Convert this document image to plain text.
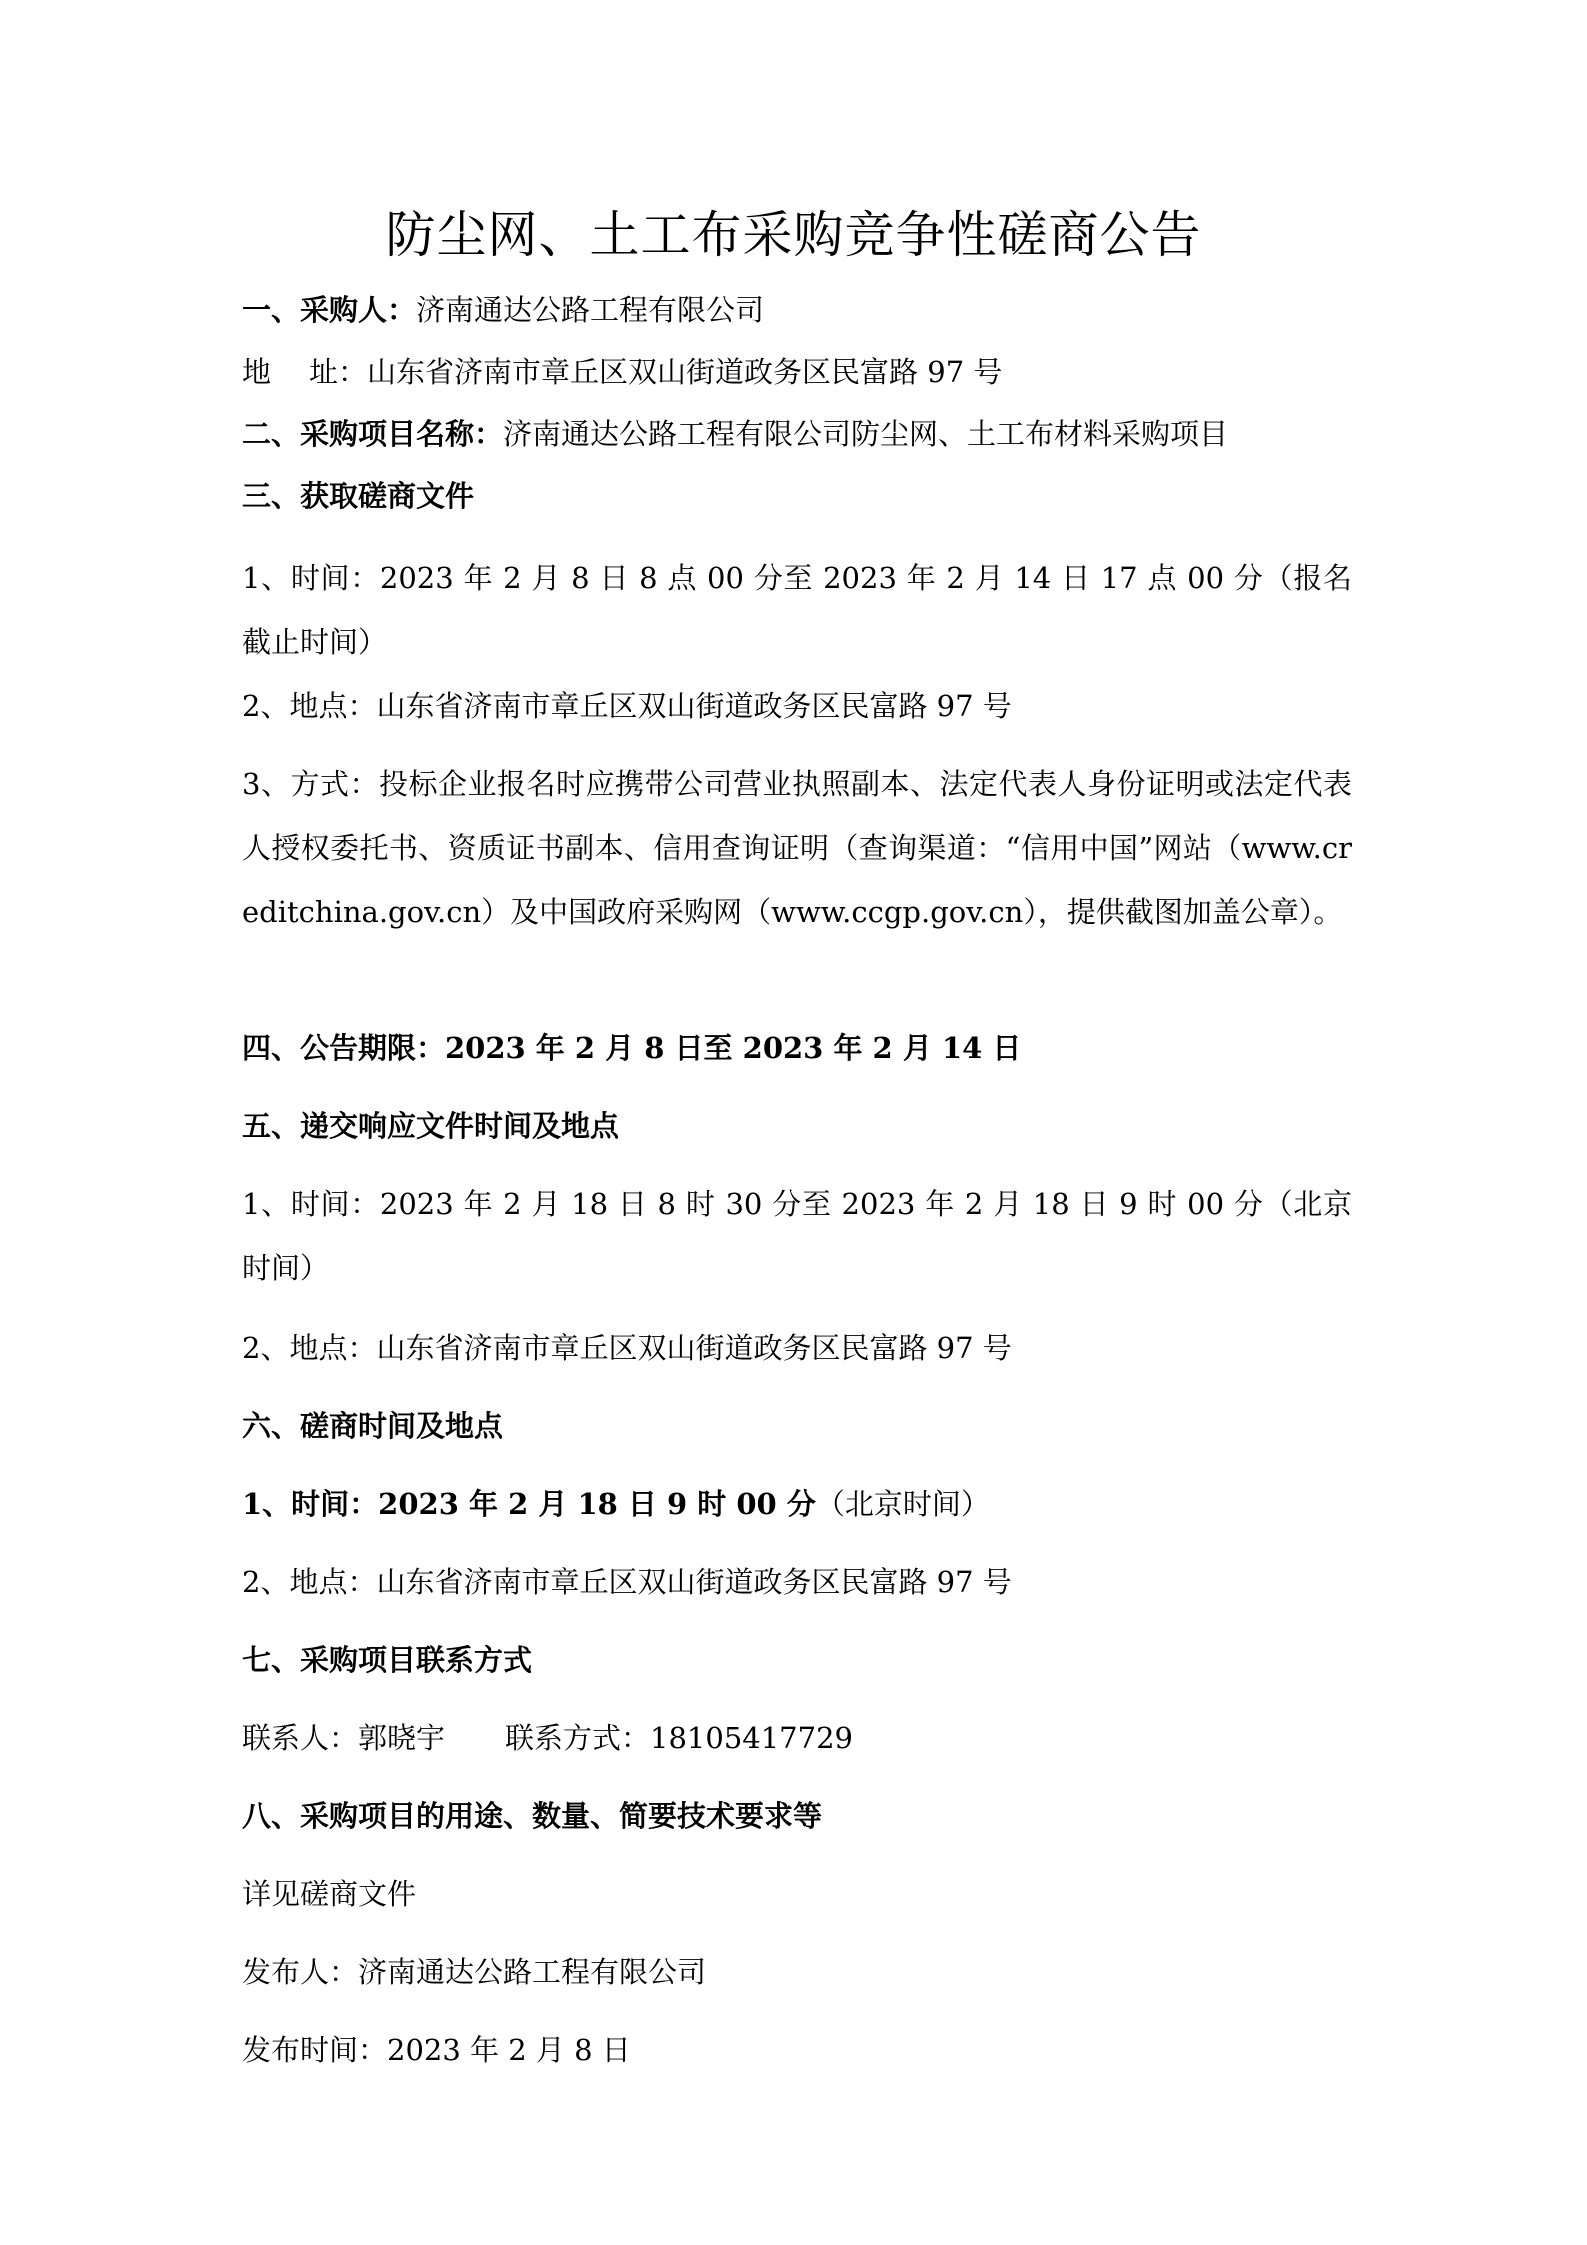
防尘网、土工布采购竞争性磋商公告

一、采购人：济南通达公路工程有限公司

地 址：山东省济南市章丘区双山街道政务区民富路 97 号

二、采购项目名称：济南通达公路工程有限公司防尘网、土工布材料采购项目

三、获取磋商文件

1、时间：2023 年 2 月 8 日 8 点 00 分至 2023 年 2 月 14 日 17 点 00 分（报名截止时间）

2、地点：山东省济南市章丘区双山街道政务区民富路 97 号

3、方式：投标企业报名时应携带公司营业执照副本、法定代表人身份证明或法定代表人授权委托书、资质证书副本、信用查询证明（查询渠道：“信用中国”网站（www.creditchina.gov.cn）及中国政府采购网（www.ccgp.gov.cn），提供截图加盖公章）。

四、公告期限：2023 年 2 月 8 日至 2023 年 2 月 14 日

五、递交响应文件时间及地点

1、时间：2023 年 2 月 18 日 8 时 30 分至 2023 年 2 月 18 日 9 时 00 分（北京时间）

2、地点：山东省济南市章丘区双山街道政务区民富路 97 号

六、磋商时间及地点

1、时间：2023 年 2 月 18 日 9 时 00 分（北京时间）

2、地点：山东省济南市章丘区双山街道政务区民富路 97 号

七、采购项目联系方式

联系人：郭晓宇 联系方式：18105417729

八、采购项目的用途、数量、简要技术要求等

详见磋商文件

发布人：济南通达公路工程有限公司

发布时间：2023 年 2 月 8 日
